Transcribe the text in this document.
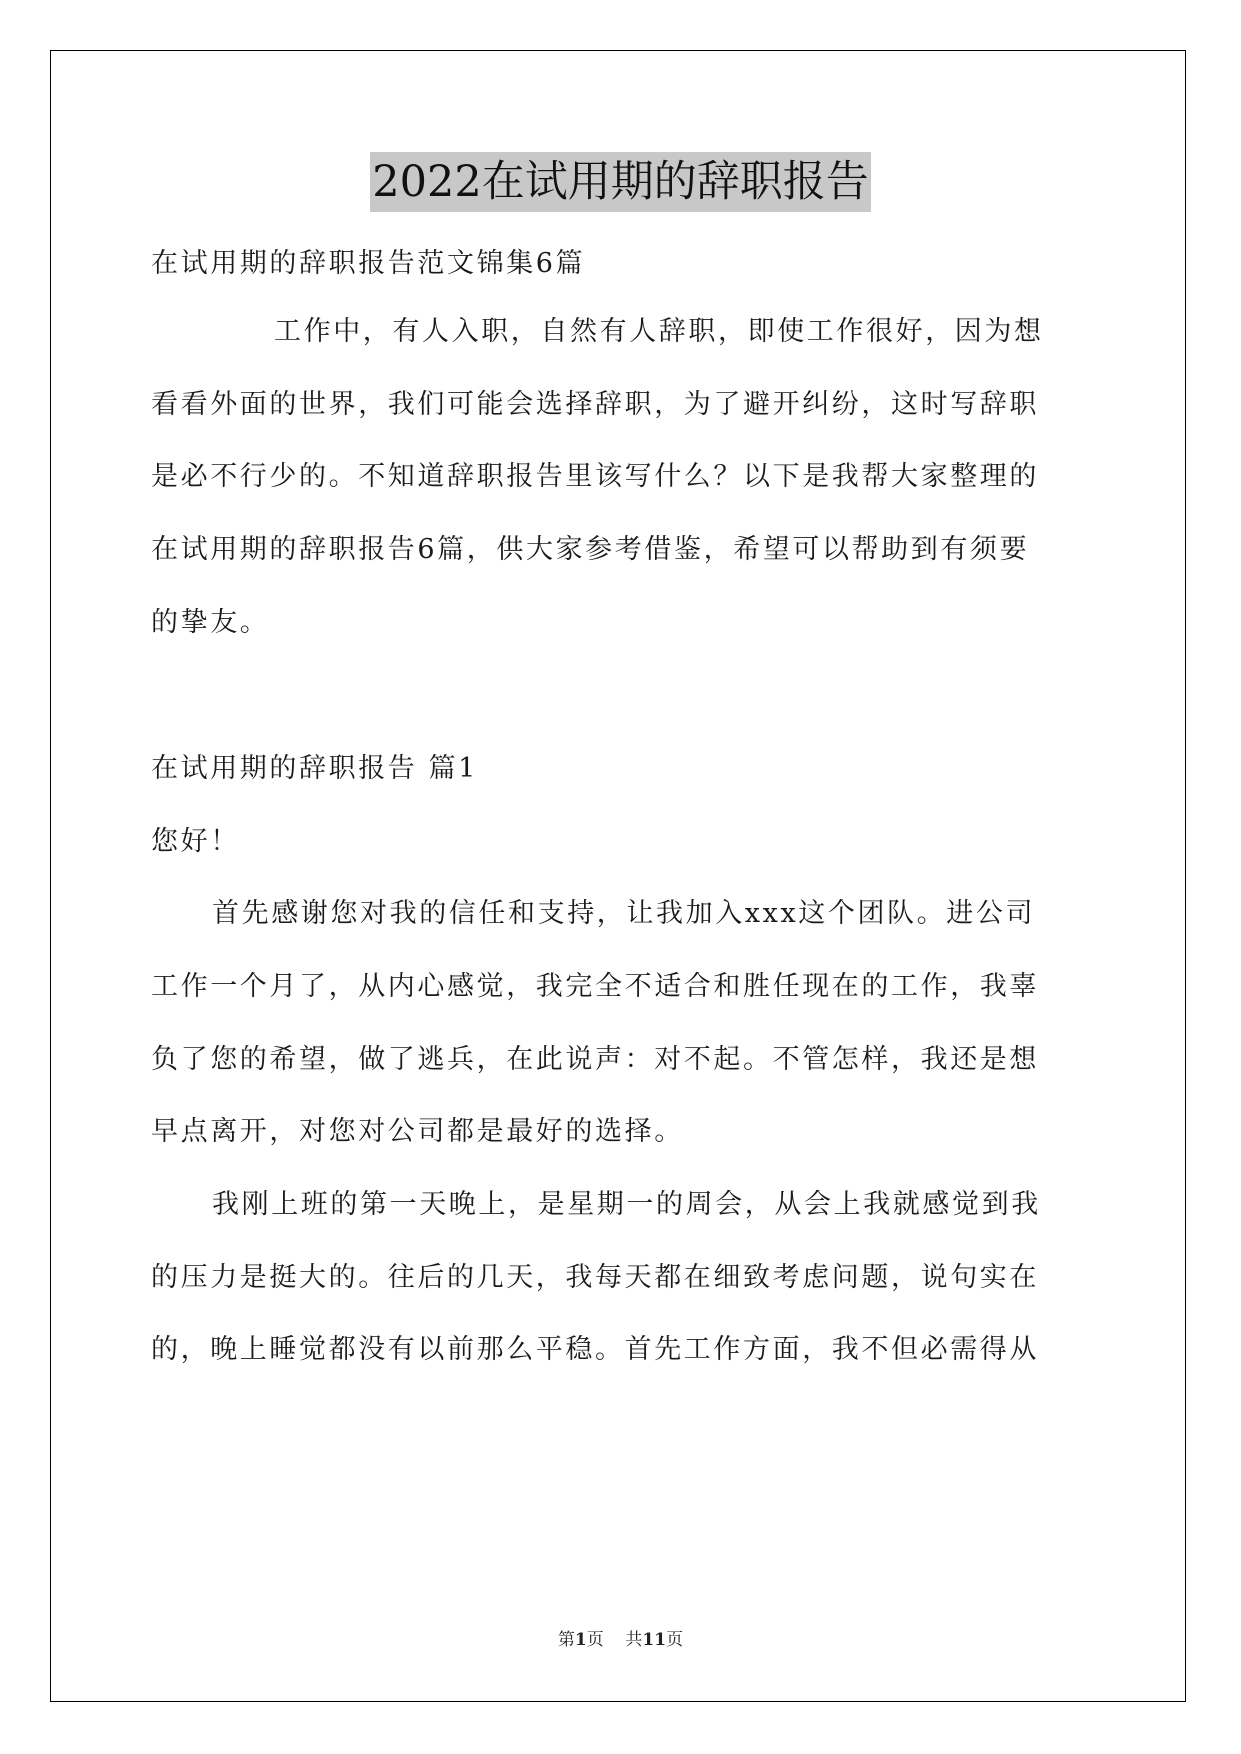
2022在试用期的辞职报告
在试用期的辞职报告范文锦集6篇
工作中，有人入职，自然有人辞职，即使工作很好，因为想
看看外面的世界，我们可能会选择辞职，为了避开纠纷，这时写辞职
是必不行少的。不知道辞职报告里该写什么？以下是我帮大家整理的
在试用期的辞职报告6篇，供大家参考借鉴，希望可以帮助到有须要
的挚友。
在试用期的辞职报告 篇1
您好！
首先感谢您对我的信任和支持，让我加入xxx这个团队。进公司
工作一个月了，从内心感觉，我完全不适合和胜任现在的工作，我辜
负了您的希望，做了逃兵，在此说声：对不起。不管怎样，我还是想
早点离开，对您对公司都是最好的选择。
我刚上班的第一天晚上，是星期一的周会，从会上我就感觉到我
的压力是挺大的。往后的几天，我每天都在细致考虑问题，说句实在
的，晚上睡觉都没有以前那么平稳。首先工作方面，我不但必需得从
第1页    共11页
